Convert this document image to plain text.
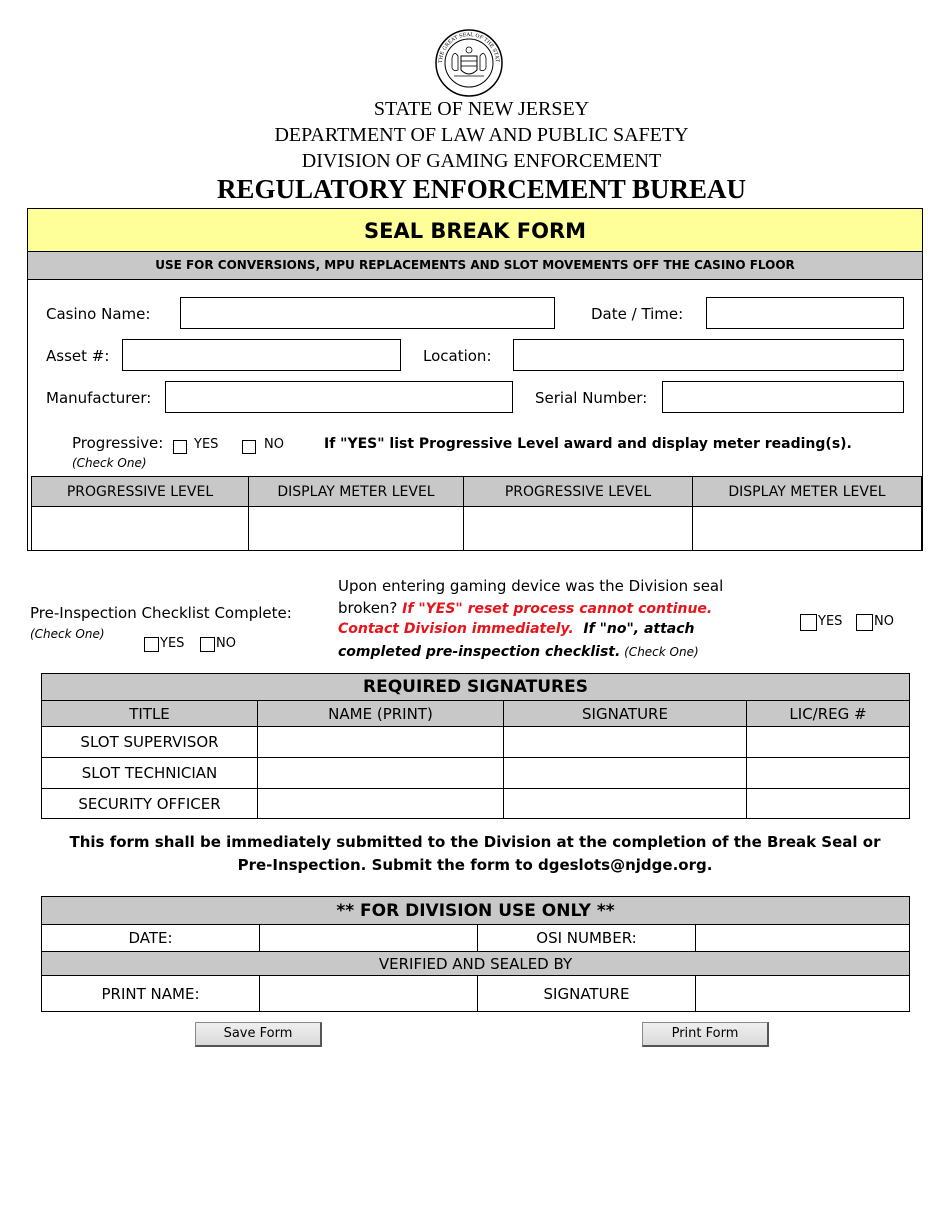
THE GREAT SEAL OF THE STAT
STATE OF NEW JERSEY
DEPARTMENT OF LAW AND PUBLIC SAFETY
DIVISION OF GAMING ENFORCEMENT
REGULATORY ENFORCEMENT BUREAU
SEAL BREAK FORM
USE FOR CONVERSIONS, MPU REPLACEMENTS AND SLOT MOVEMENTS OFF THE CASINO FLOOR
Casino Name:	Date / Time:
Asset #:	Location:
Manufacturer:	Serial Number:
Progressive:
(Check One)
YES	NO	If "YES" list Progressive Level award and display meter reading(s).
PROGRESSIVE LEVEL	DISPLAY METER LEVEL	PROGRESSIVE LEVEL	DISPLAY METER LEVEL

Pre-Inspection Checklist Complete:
(Check One)
YES NO
Upon entering gaming device was the Division seal
broken? If "YES" reset process cannot continue.
Contact Division immediately.  If "no", attach
completed pre-inspection checklist. (Check One)
YES NO
REQUIRED SIGNATURES			
TITLE	NAME (PRINT)	SIGNATURE	LIC/REG #
SLOT SUPERVISOR			
SLOT TECHNICIAN			
SECURITY OFFICER			
This form shall be immediately submitted to the Division at the completion of the Break Seal or
Pre-Inspection. Submit the form to dgeslots@njdge.org.
** FOR DIVISION USE ONLY **			
DATE:		OSI NUMBER:	
VERIFIED AND SEALED BY			
PRINT NAME:		SIGNATURE	
Save Form	Print Form
